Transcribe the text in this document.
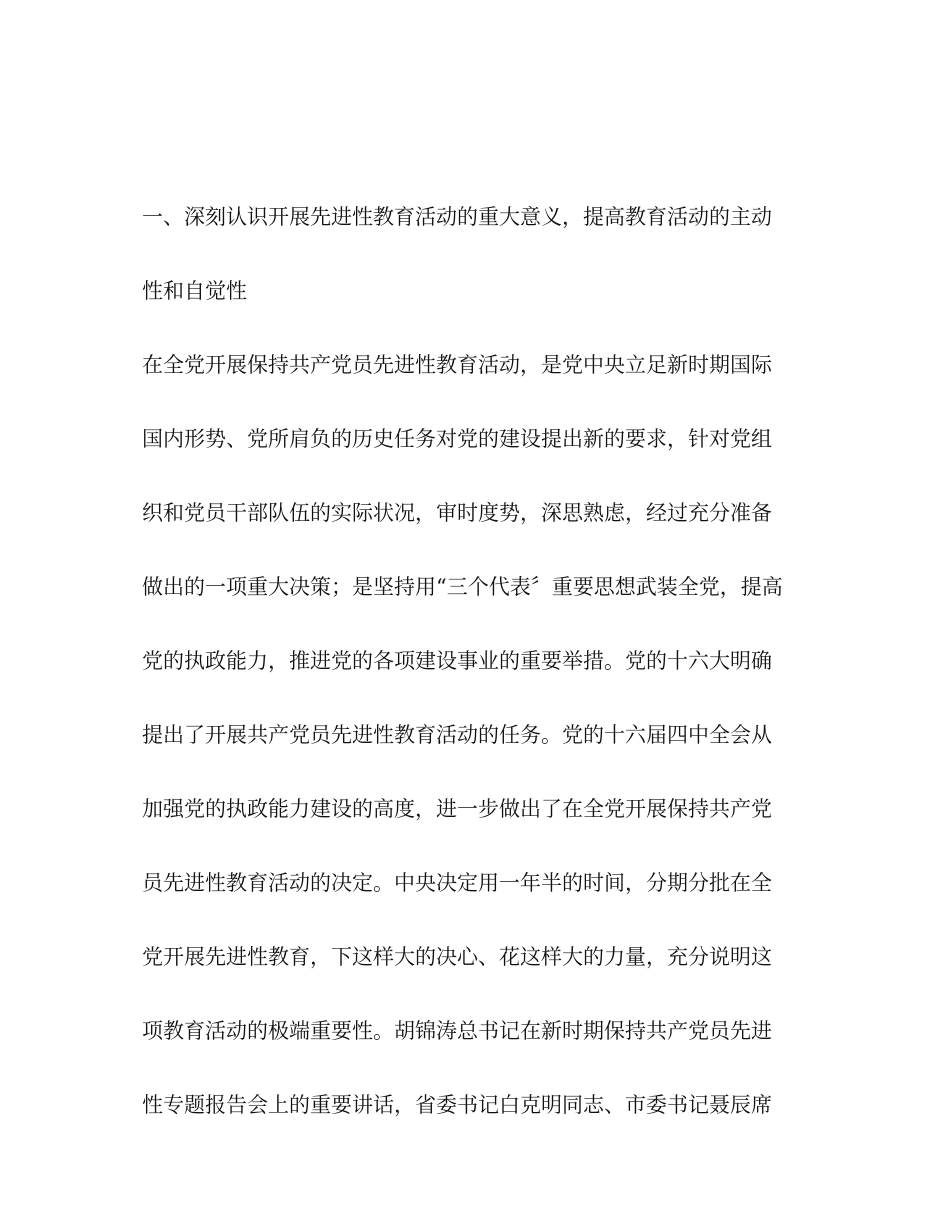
一、深刻认识开展先进性教育活动的重大意义，提高教育活动的主动
性和自觉性
在全党开展保持共产党员先进性教育活动，是党中央立足新时期国际
国内形势、党所肩负的历史任务对党的建设提出新的要求，针对党组
织和党员干部队伍的实际状况，审时度势，深思熟虑，经过充分准备
做出的一项重大决策；是坚持用“三个代表〞重要思想武装全党，提高
党的执政能力，推进党的各项建设事业的重要举措。党的十六大明确
提出了开展共产党员先进性教育活动的任务。党的十六届四中全会从
加强党的执政能力建设的高度，进一步做出了在全党开展保持共产党
员先进性教育活动的决定。中央决定用一年半的时间，分期分批在全
党开展先进性教育，下这样大的决心、花这样大的力量，充分说明这
项教育活动的极端重要性。胡锦涛总书记在新时期保持共产党员先进
性专题报告会上的重要讲话，省委书记白克明同志、市委书记聂辰席
